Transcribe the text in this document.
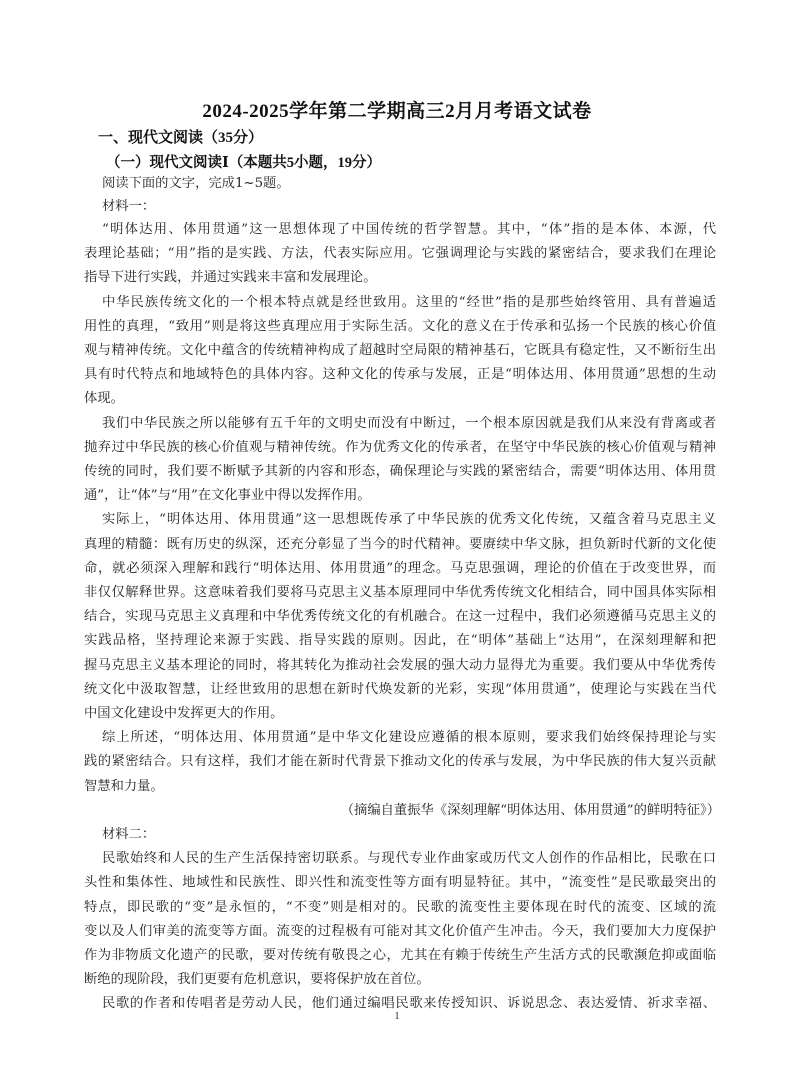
2024-2025学年第二学期高三2月月考语文试卷
一、现代文阅读（35分）
（一）现代文阅读Ⅰ（本题共5小题，19分）
阅读下面的文字，完成1~5题。
材料一：
“明体达用、体用贯通”这一思想体现了中国传统的哲学智慧。其中，“体”指的是本体、本源，代
表理论基础；“用”指的是实践、方法，代表实际应用。它强调理论与实践的紧密结合，要求我们在理论
指导下进行实践，并通过实践来丰富和发展理论。
中华民族传统文化的一个根本特点就是经世致用。这里的“经世”指的是那些始终管用、具有普遍适
用性的真理，“致用”则是将这些真理应用于实际生活。文化的意义在于传承和弘扬一个民族的核心价值
观与精神传统。文化中蕴含的传统精神构成了超越时空局限的精神基石，它既具有稳定性，又不断衍生出
具有时代特点和地域特色的具体内容。这种文化的传承与发展，正是“明体达用、体用贯通”思想的生动
体现。
我们中华民族之所以能够有五千年的文明史而没有中断过，一个根本原因就是我们从来没有背离或者
抛弃过中华民族的核心价值观与精神传统。作为优秀文化的传承者，在坚守中华民族的核心价值观与精神
传统的同时，我们要不断赋予其新的内容和形态，确保理论与实践的紧密结合，需要“明体达用、体用贯
通”，让“体”与“用”在文化事业中得以发挥作用。
实际上，“明体达用、体用贯通”这一思想既传承了中华民族的优秀文化传统，又蕴含着马克思主义
真理的精髓：既有历史的纵深，还充分彰显了当今的时代精神。要赓续中华文脉，担负新时代新的文化使
命，就必须深入理解和践行“明体达用、体用贯通”的理念。马克思强调，理论的价值在于改变世界，而
非仅仅解释世界。这意味着我们要将马克思主义基本原理同中华优秀传统文化相结合，同中国具体实际相
结合，实现马克思主义真理和中华优秀传统文化的有机融合。在这一过程中，我们必须遵循马克思主义的
实践品格，坚持理论来源于实践、指导实践的原则。因此，在“明体”基础上“达用”，在深刻理解和把
握马克思主义基本理论的同时，将其转化为推动社会发展的强大动力显得尤为重要。我们要从中华优秀传
统文化中汲取智慧，让经世致用的思想在新时代焕发新的光彩，实现“体用贯通”，使理论与实践在当代
中国文化建设中发挥更大的作用。
综上所述，“明体达用、体用贯通”是中华文化建设应遵循的根本原则，要求我们始终保持理论与实
践的紧密结合。只有这样，我们才能在新时代背景下推动文化的传承与发展，为中华民族的伟大复兴贡献
智慧和力量。
（摘编自董振华《深刻理解“明体达用、体用贯通”的鲜明特征》）
材料二：
民歌始终和人民的生产生活保持密切联系。与现代专业作曲家或历代文人创作的作品相比，民歌在口
头性和集体性、地域性和民族性、即兴性和流变性等方面有明显特征。其中，“流变性”是民歌最突出的
特点，即民歌的“变”是永恒的，“不变”则是相对的。民歌的流变性主要体现在时代的流变、区域的流
变以及人们审美的流变等方面。流变的过程极有可能对其文化价值产生冲击。今天，我们要加大力度保护
作为非物质文化遗产的民歌，要对传统有敬畏之心，尤其在有赖于传统生产生活方式的民歌濒危抑或面临
断绝的现阶段，我们更要有危机意识，要将保护放在首位。
民歌的作者和传唱者是劳动人民，他们通过编唱民歌来传授知识、诉说思念、表达爱情、祈求幸福、
1
